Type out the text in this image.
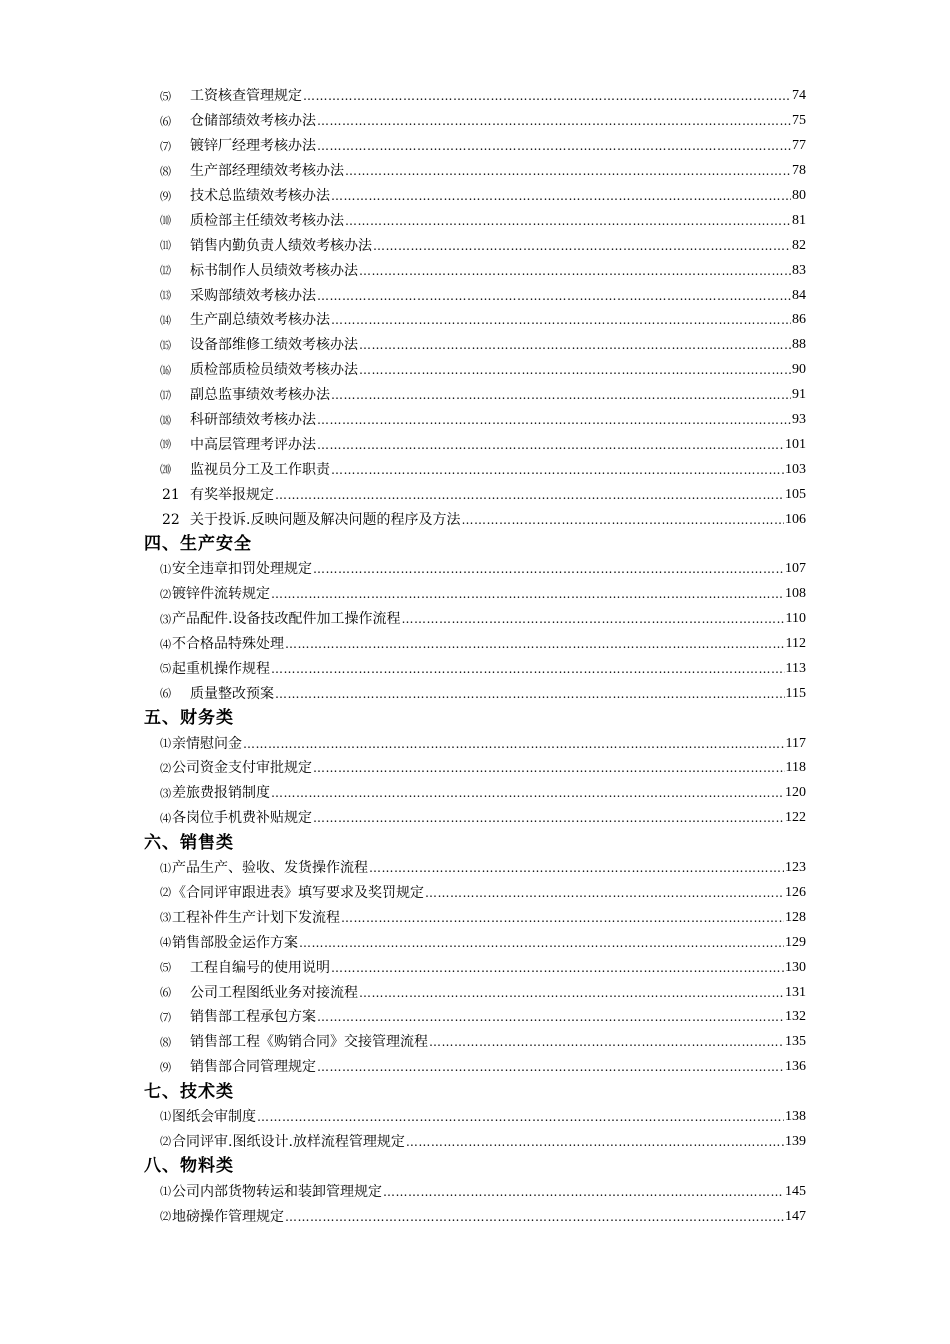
⑸	工资核查管理规定 ……………………………………………………………………………………………………………………………………………………………………………………………………………………	74
⑹	仓储部绩效考核办法 ……………………………………………………………………………………………………………………………………………………………………………………………………………………	75
⑺	镀锌厂经理考核办法 ……………………………………………………………………………………………………………………………………………………………………………………………………………………	77
⑻	生产部经理绩效考核办法 ……………………………………………………………………………………………………………………………………………………………………………………………………………………	78
⑼	技术总监绩效考核办法 ……………………………………………………………………………………………………………………………………………………………………………………………………………………	80
⑽	质检部主任绩效考核办法 ……………………………………………………………………………………………………………………………………………………………………………………………………………………	81
⑾	销售内勤负责人绩效考核办法 ……………………………………………………………………………………………………………………………………………………………………………………………………………………	82
⑿	标书制作人员绩效考核办法 ……………………………………………………………………………………………………………………………………………………………………………………………………………………	83
⒀	采购部绩效考核办法 ……………………………………………………………………………………………………………………………………………………………………………………………………………………	84
⒁	生产副总绩效考核办法 ……………………………………………………………………………………………………………………………………………………………………………………………………………………	86
⒂	设备部维修工绩效考核办法 ……………………………………………………………………………………………………………………………………………………………………………………………………………………	88
⒃	质检部质检员绩效考核办法 ……………………………………………………………………………………………………………………………………………………………………………………………………………………	90
⒄	副总监事绩效考核办法 ……………………………………………………………………………………………………………………………………………………………………………………………………………………	91
⒅	科研部绩效考核办法 ……………………………………………………………………………………………………………………………………………………………………………………………………………………	93
⒆	中高层管理考评办法 ……………………………………………………………………………………………………………………………………………………………………………………………………………………	101
⒇	监视员分工及工作职责 ……………………………………………………………………………………………………………………………………………………………………………………………………………………	103
21 有奖举报规定 ……………………………………………………………………………………………………………………………………………………………………………………………………………………	105
22 关于投诉.反映问题及解决问题的程序及方法 ……………………………………………………………………………………………………………………………………………………………………………………………………………………	106
四、生产安全
⑴ 安全违章扣罚处理规定 ……………………………………………………………………………………………………………………………………………………………………………………………………………………	107
⑵ 镀锌件流转规定 ……………………………………………………………………………………………………………………………………………………………………………………………………………………	108
⑶ 产品配件.设备技改配件加工操作流程 ……………………………………………………………………………………………………………………………………………………………………………………………………………………	110
⑷ 不合格品特殊处理 ……………………………………………………………………………………………………………………………………………………………………………………………………………………	112
⑸ 起重机操作规程 ……………………………………………………………………………………………………………………………………………………………………………………………………………………	113
⑹	质量整改预案 ……………………………………………………………………………………………………………………………………………………………………………………………………………………	115
五、财务类
⑴ 亲情慰问金 ……………………………………………………………………………………………………………………………………………………………………………………………………………………	117
⑵ 公司资金支付审批规定 ……………………………………………………………………………………………………………………………………………………………………………………………………………………	118
⑶ 差旅费报销制度 ……………………………………………………………………………………………………………………………………………………………………………………………………………………	120
⑷ 各岗位手机费补贴规定 ……………………………………………………………………………………………………………………………………………………………………………………………………………………	122
六、销售类
⑴ 产品生产、验收、发货操作流程 ……………………………………………………………………………………………………………………………………………………………………………………………………………………	123
⑵ 《合同评审跟进表》填写要求及奖罚规定 ……………………………………………………………………………………………………………………………………………………………………………………………………………………	126
⑶ 工程补件生产计划下发流程 ……………………………………………………………………………………………………………………………………………………………………………………………………………………	128
⑷ 销售部股金运作方案 ……………………………………………………………………………………………………………………………………………………………………………………………………………………	129
⑸	工程自编号的使用说明 ……………………………………………………………………………………………………………………………………………………………………………………………………………………	130
⑹	公司工程图纸业务对接流程 ……………………………………………………………………………………………………………………………………………………………………………………………………………………	131
⑺	销售部工程承包方案 ……………………………………………………………………………………………………………………………………………………………………………………………………………………	132
⑻	销售部工程《购销合同》交接管理流程 ……………………………………………………………………………………………………………………………………………………………………………………………………………………	135
⑼	销售部合同管理规定 ……………………………………………………………………………………………………………………………………………………………………………………………………………………	136
七、技术类
⑴ 图纸会审制度 ……………………………………………………………………………………………………………………………………………………………………………………………………………………	138
⑵ 合同评审.图纸设计.放样流程管理规定 ……………………………………………………………………………………………………………………………………………………………………………………………………………………	139
八、物料类
⑴ 公司内部货物转运和装卸管理规定 ……………………………………………………………………………………………………………………………………………………………………………………………………………………	145
⑵ 地磅操作管理规定 ……………………………………………………………………………………………………………………………………………………………………………………………………………………	147
